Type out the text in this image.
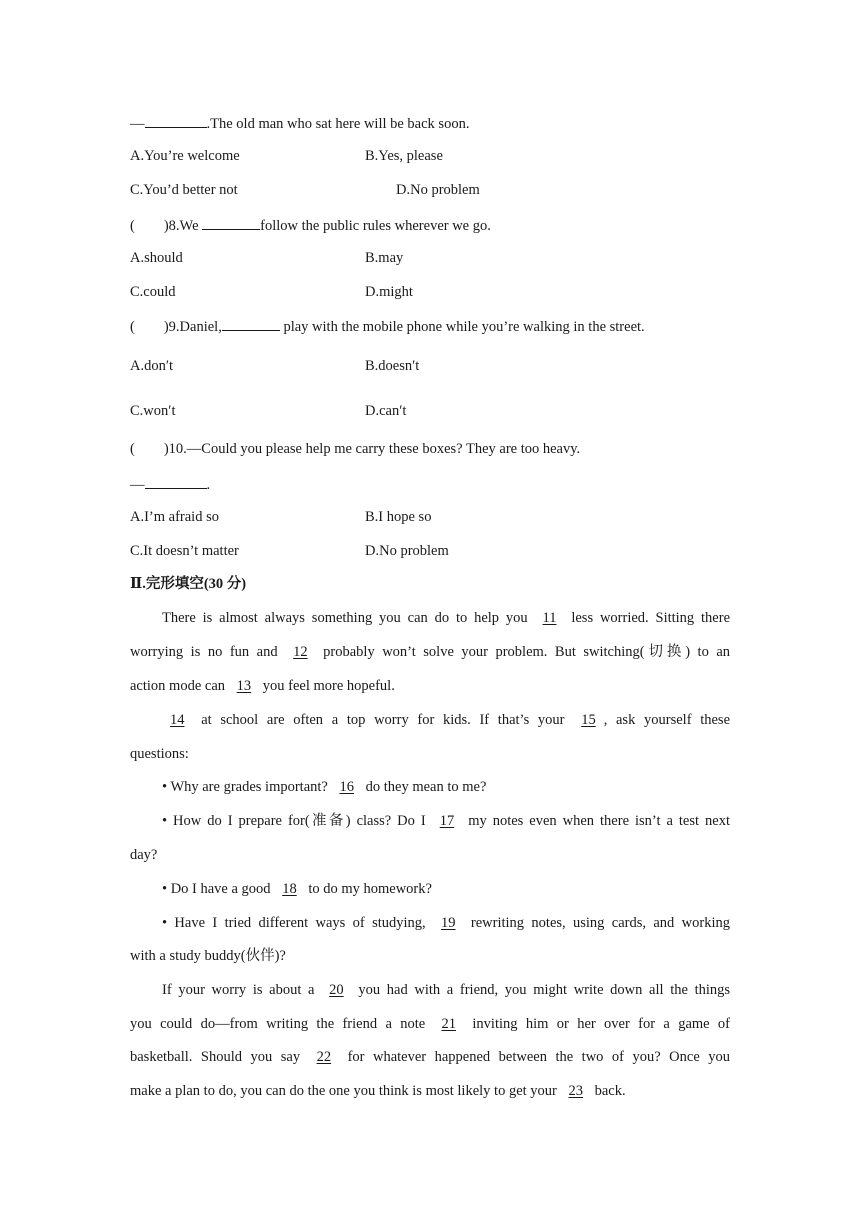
—	.The old man who sat here will be back soon.
A.You’re welcome	B.Yes, please
C.You’d better not	D.No problem
( )8.We	follow the public rules wherever we go.
A.should	B.may
C.could	D.might
( )9.Daniel,	play with the mobile phone while you’re walking in the street.
A.don′t	B.doesn′t
C.won′t	D.can′t
( )10.—Could you please help me carry these boxes? They are too heavy.
—	.
A.I’m afraid so	B.I hope so
C.It doesn’t matter	D.No problem
Ⅱ.完形填空(30 分)
There is almost always something you can do to help you 11 less worried. Sitting there
worrying is no fun and 12 probably won’t solve your problem. But switching(切换) to an
action mode can 13 you feel more hopeful.
14 at school are often a top worry for kids. If that’s your 15 , ask yourself these
questions:
• Why are grades important? 16 do they mean to me?
• How do I prepare for(准备) class? Do I 17 my notes even when there isn’t a test next
day?
• Do I have a good 18 to do my homework?
• Have I tried different ways of studying, 19 rewriting notes, using cards, and working
with a study buddy(伙伴)?
If your worry is about a 20 you had with a friend, you might write down all the things
you could do—from writing the friend a note 21 inviting him or her over for a game of
basketball. Should you say 22 for whatever happened between the two of you? Once you
make a plan to do, you can do the one you think is most likely to get your 23 back.
